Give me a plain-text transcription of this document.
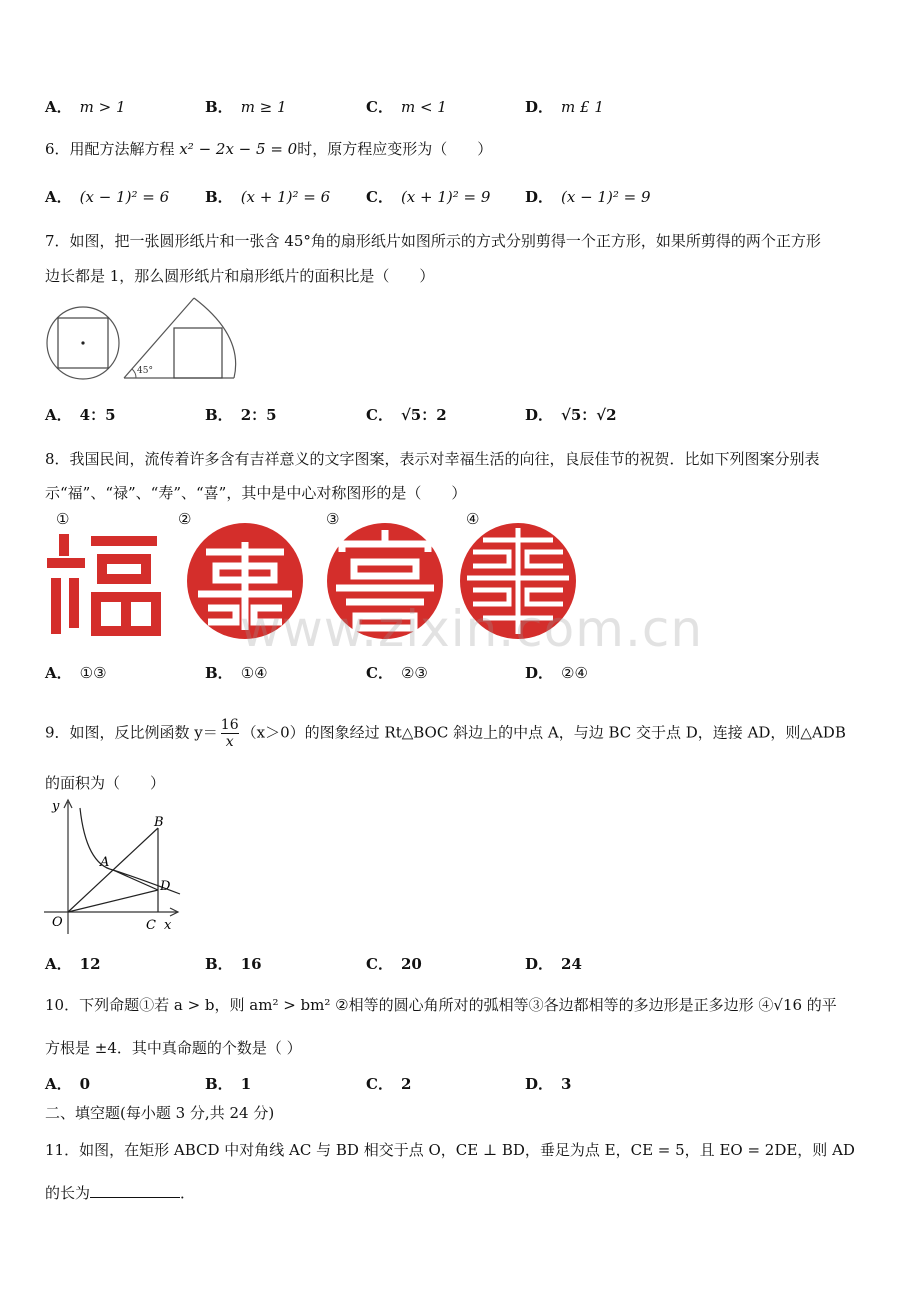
A． m > 1	B． m ≥ 1	C． m < 1	D． m £ 1
6．用配方法解方程 x² − 2x − 5 = 0时，原方程应变形为（　　）
A． (x − 1)² = 6 B． (x + 1)² = 6 C． (x + 1)² = 9 D． (x − 1)² = 9
7．如图，把一张圆形纸片和一张含 45°角的扇形纸片如图所示的方式分别剪得一个正方形，如果所剪得的两个正方形
边长都是 1，那么圆形纸片和扇形纸片的面积比是（　　）
45°
A． 4：5	B． 2：5	C． √5：2	D． √5：√2
8．我国民间，流传着许多含有吉祥意义的文字图案，表示对幸福生活的向往，良辰佳节的祝贺．比如下列图案分别表
示“福”、“禄”、“寿”、“喜”，其中是中心对称图形的是（　　）
①	②	③	④
www.zixin.com.cn
A． ①③	B． ①④	C． ②③	D． ②④
9．如图，反比例函数 $y= \frac{16}{x} (x>0)$的图象经过 Rt△BOC 斜边上的中点 A，与边 BC 交于点 D，连接 AD，则△ADB
的面积为（　　）
y
x
O
A
B
C
D
A． 12	B． 16	C． 20	D． 24
10．下列命题①若 a > b，则 am² > bm² ②相等的圆心角所对的弧相等③各边都相等的多边形是正多边形 ④√16 的平
方根是 ±4．其中真命题的个数是（ ）
A． 0	B． 1	C． 2	D． 3
二、填空题(每小题 3 分,共 24 分)
11．如图，在矩形 ABCD 中对角线 AC 与 BD 相交于点 O，CE ⊥ BD，垂足为点 E，CE = 5，且 EO = 2DE，则 AD
的长为	．
